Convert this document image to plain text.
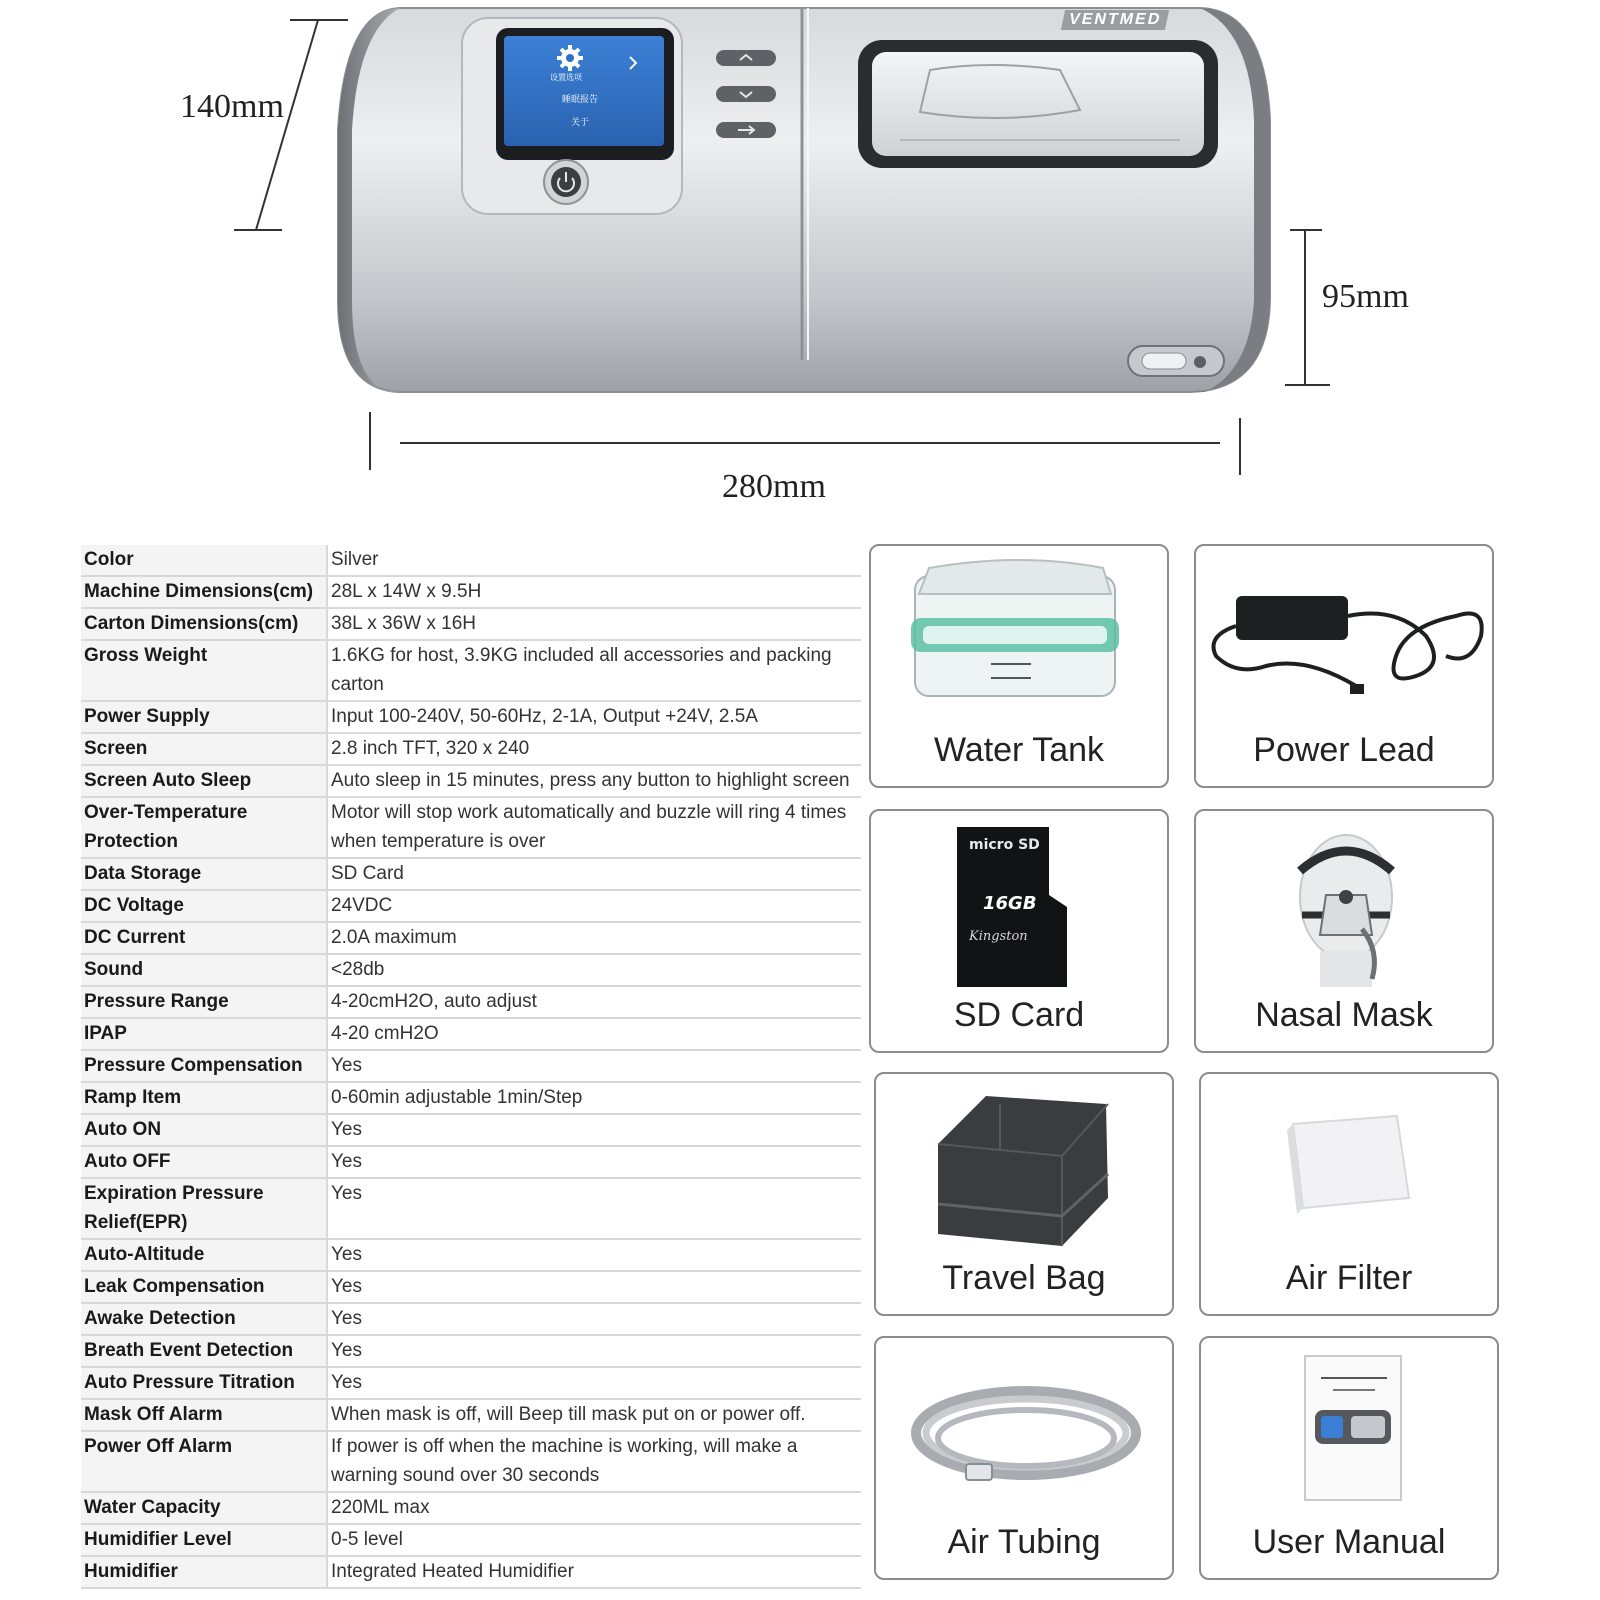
140mm
95mm
280mm
VENTMED
设置选项
睡眠报告
关于
Color	Silver
Machine Dimensions(cm)	28L x 14W x 9.5H
Carton Dimensions(cm)	38L x 36W x 16H
Gross Weight	1.6KG for host, 3.9KG included all accessories and packing carton
Power Supply	Input 100-240V, 50-60Hz, 2-1A, Output +24V, 2.5A
Screen	2.8 inch TFT, 320 x 240
Screen Auto Sleep	Auto sleep in 15 minutes, press any button to highlight screen
Over-Temperature Protection	Motor will stop work automatically and buzzle will ring 4 times when temperature is over
Data Storage	SD Card
DC Voltage	24VDC
DC Current	2.0A maximum
Sound	<28db
Pressure Range	4-20cmH2O, auto adjust
IPAP	4-20 cmH2O
Pressure Compensation	Yes
Ramp Item	0-60min adjustable 1min/Step
Auto ON	Yes
Auto OFF	Yes
Expiration Pressure Relief(EPR)	Yes
Auto-Altitude	Yes
Leak Compensation	Yes
Awake Detection	Yes
Breath Event Detection	Yes
Auto Pressure Titration	Yes
Mask Off Alarm	When mask is off, will Beep till mask put on or power off.
Power Off Alarm	If power is off when the machine is working, will make a warning sound over 30 seconds
Water Capacity	220ML max
Humidifier Level	0-5 level
Humidifier	Integrated Heated Humidifier
Water Tank	Power Lead
micro SD
16GB
Kingston
SD Card	Nasal Mask
Travel Bag	Air Filter
Air Tubing	User Manual
